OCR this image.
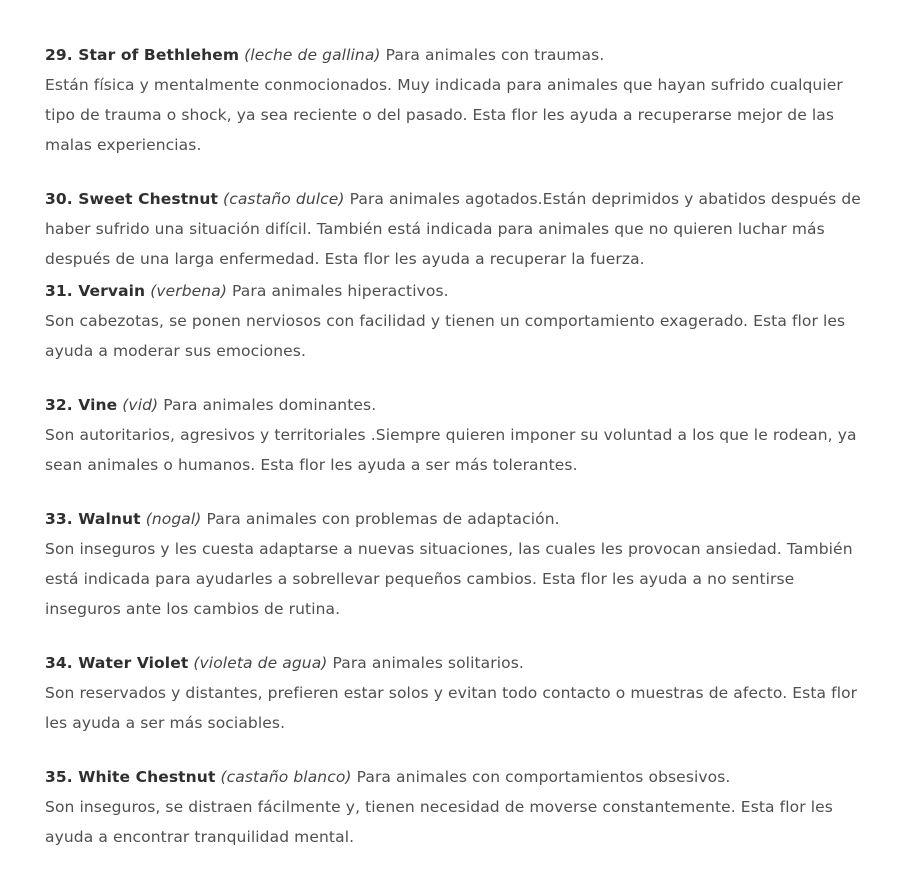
29. Star of Bethlehem (leche de gallina) Para animales con traumas.

Están física y mentalmente conmocionados. Muy indicada para animales que hayan sufrido cualquier tipo de trauma o shock, ya sea reciente o del pasado. Esta flor les ayuda a recuperarse mejor de las malas experiencias.

30. Sweet Chestnut (castaño dulce) Para animales agotados.Están deprimidos y abatidos después de haber sufrido una situación difícil. También está indicada para animales que no quieren luchar más después de una larga enfermedad. Esta flor les ayuda a recuperar la fuerza.

31. Vervain (verbena) Para animales hiperactivos.

Son cabezotas, se ponen nerviosos con facilidad y tienen un comportamiento exagerado. Esta flor les ayuda a moderar sus emociones.

32. Vine (vid) Para animales dominantes.

Son autoritarios, agresivos y territoriales .Siempre quieren imponer su voluntad a los que le rodean, ya sean animales o humanos. Esta flor les ayuda a ser más tolerantes.

33. Walnut (nogal) Para animales con problemas de adaptación.

Son inseguros y les cuesta adaptarse a nuevas situaciones, las cuales les provocan ansiedad. También está indicada para ayudarles a sobrellevar pequeños cambios. Esta flor les ayuda a no sentirse inseguros ante los cambios de rutina.

34. Water Violet (violeta de agua) Para animales solitarios.

Son reservados y distantes, prefieren estar solos y evitan todo contacto o muestras de afecto. Esta flor les ayuda a ser más sociables.

35. White Chestnut (castaño blanco) Para animales con comportamientos obsesivos.

Son inseguros, se distraen fácilmente y, tienen necesidad de moverse constantemente. Esta flor les ayuda a encontrar tranquilidad mental.
